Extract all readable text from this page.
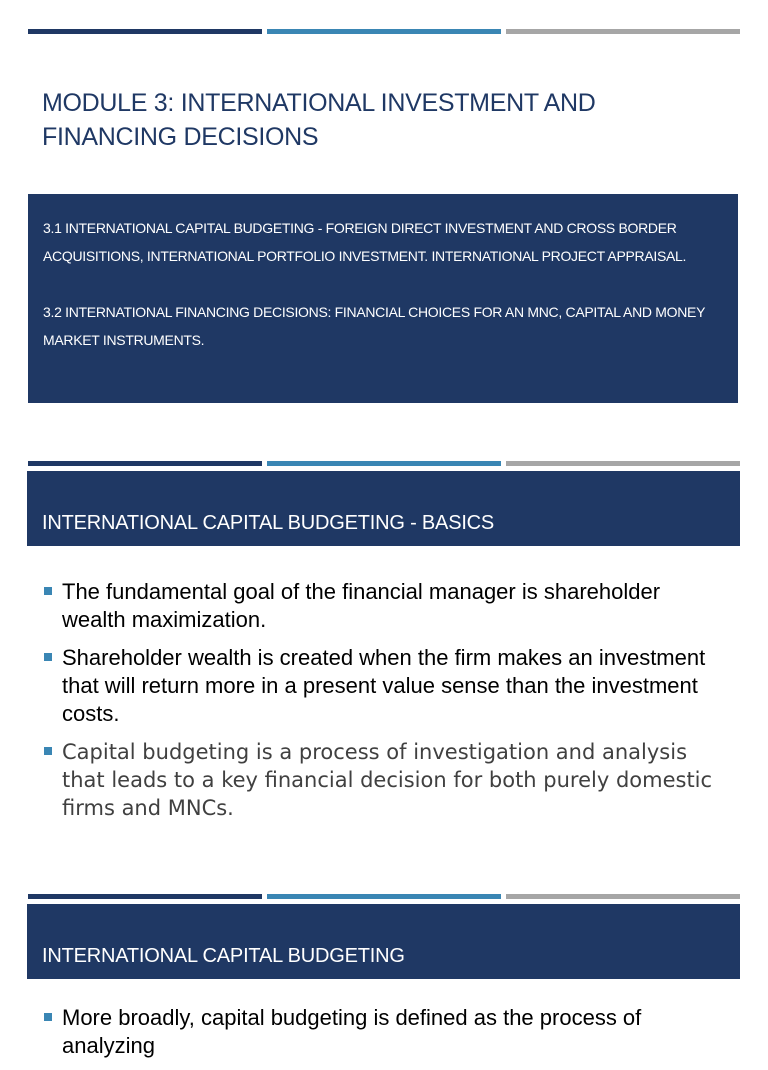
MODULE 3: INTERNATIONAL INVESTMENT AND
FINANCING DECISIONS

3.1 INTERNATIONAL CAPITAL BUDGETING - FOREIGN DIRECT INVESTMENT AND CROSS BORDER ACQUISITIONS, INTERNATIONAL PORTFOLIO INVESTMENT. INTERNATIONAL PROJECT APPRAISAL.

3.2 INTERNATIONAL FINANCING DECISIONS: FINANCIAL CHOICES FOR AN MNC, CAPITAL AND MONEY MARKET INSTRUMENTS.

INTERNATIONAL CAPITAL BUDGETING - BASICS
The fundamental goal of the financial manager is shareholder wealth maximization.
Shareholder wealth is created when the firm makes an investment that will return more in a present value sense than the investment costs.
Capital budgeting is a process of investigation and analysis that leads to a key financial decision for both purely domestic firms and MNCs.
INTERNATIONAL CAPITAL BUDGETING
More broadly, capital budgeting is defined as the process of analyzing
